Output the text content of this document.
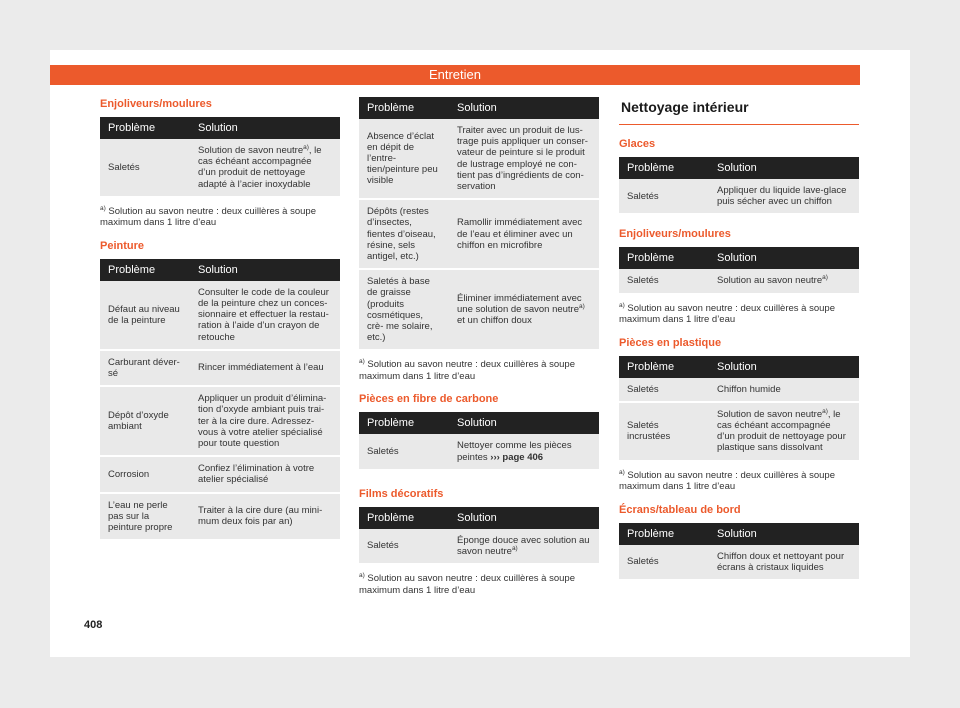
Entretien
Enjoliveurs/moulures
Problème	Solution
Saletés	Solution de savon neutre$^{a)}$, le cas échéant accompagnée d’un produit de nettoyage adapté à l’acier inoxydable
$^{a)}$ Solution au savon neutre : deux cuillères à soupe maximum dans 1 litre d’eau
Peinture
Problème	Solution
Défaut au niveau de la peinture	Consulter le code de la couleur de la peinture chez un conces- sionnaire et effectuer la restau- ration à l’aide d’un crayon de retouche
Carburant déver- sé	Rincer immédiatement à l’eau
Dépôt d’oxyde ambiant	Appliquer un produit d’élimina- tion d’oxyde ambiant puis trai- ter à la cire dure. Adressez-vous à votre atelier spécialisé pour toute question
Corrosion	Confiez l’élimination à votre atelier spécialisé
L’eau ne perle pas sur la peinture propre	Traiter à la cire dure (au mini- mum deux fois par an)
Problème	Solution
Absence d’éclat en dépit de l’entre- tien/peinture peu visible	Traiter avec un produit de lus- trage puis appliquer un conser- vateur de peinture si le produit de lustrage employé ne con- tient pas d’ingrédients de con- servation
Dépôts (restes d’insectes, fientes d’oiseau, résine, sels antigel, etc.)	Ramollir immédiatement avec de l’eau et éliminer avec un chiffon en microfibre
Saletés à base de graisse (produits cosmétiques, crè- me solaire, etc.)	Éliminer immédiatement avec une solution de savon neutre$^{a)}$ et un chiffon doux
$^{a)}$ Solution au savon neutre : deux cuillères à soupe maximum dans 1 litre d’eau
Pièces en fibre de carbone
Problème	Solution
Saletés	Nettoyer comme les pièces peintes ››› page 406
Films décoratifs
Problème	Solution
Saletés	Éponge douce avec solution au savon neutre$^{a)}$
$^{a)}$ Solution au savon neutre : deux cuillères à soupe maximum dans 1 litre d’eau
Nettoyage intérieur
Glaces
Problème	Solution
Saletés	Appliquer du liquide lave-glace puis sécher avec un chiffon
Enjoliveurs/moulures
Problème	Solution
Saletés	Solution au savon neutre$^{a)}$
$^{a)}$ Solution au savon neutre : deux cuillères à soupe maximum dans 1 litre d’eau
Pièces en plastique
Problème	Solution
Saletés	Chiffon humide
Saletés incrustées	Solution de savon neutre$^{a)}$, le cas échéant accompagnée d’un produit de nettoyage pour plastique sans dissolvant
$^{a)}$ Solution au savon neutre : deux cuillères à soupe maximum dans 1 litre d’eau
Écrans/tableau de bord
Problème	Solution
Saletés	Chiffon doux et nettoyant pour écrans à cristaux liquides
408
